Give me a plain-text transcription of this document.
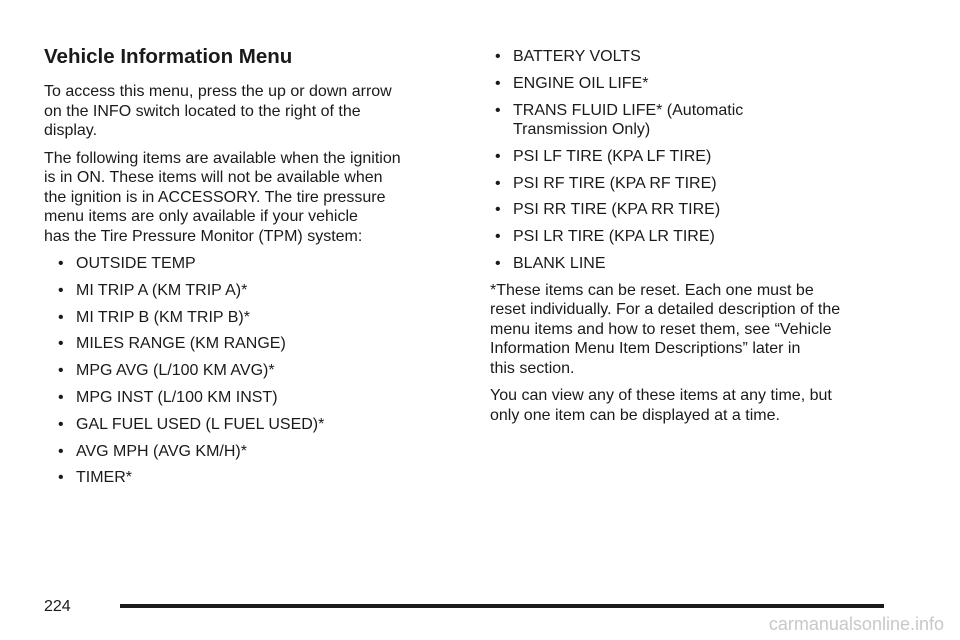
Vehicle Information Menu

To access this menu, press the up or down arrow
on the INFO switch located to the right of the
display.

The following items are available when the ignition
is in ON. These items will not be available when
the ignition is in ACCESSORY. The tire pressure
menu items are only available if your vehicle
has the Tire Pressure Monitor (TPM) system:

• OUTSIDE TEMP
• MI TRIP A (KM TRIP A)*
• MI TRIP B (KM TRIP B)*
• MILES RANGE (KM RANGE)
• MPG AVG (L/100 KM AVG)*
• MPG INST (L/100 KM INST)
• GAL FUEL USED (L FUEL USED)*
• AVG MPH (AVG KM/H)*
• TIMER*
• BATTERY VOLTS
• ENGINE OIL LIFE*
• TRANS FLUID LIFE* (Automatic
Transmission Only)
• PSI LF TIRE (KPA LF TIRE)
• PSI RF TIRE (KPA RF TIRE)
• PSI RR TIRE (KPA RR TIRE)
• PSI LR TIRE (KPA LR TIRE)
• BLANK LINE

*These items can be reset. Each one must be
reset individually. For a detailed description of the
menu items and how to reset them, see “Vehicle
Information Menu Item Descriptions” later in
this section.

You can view any of these items at any time, but
only one item can be displayed at a time.

224
carmanualsonline.info
